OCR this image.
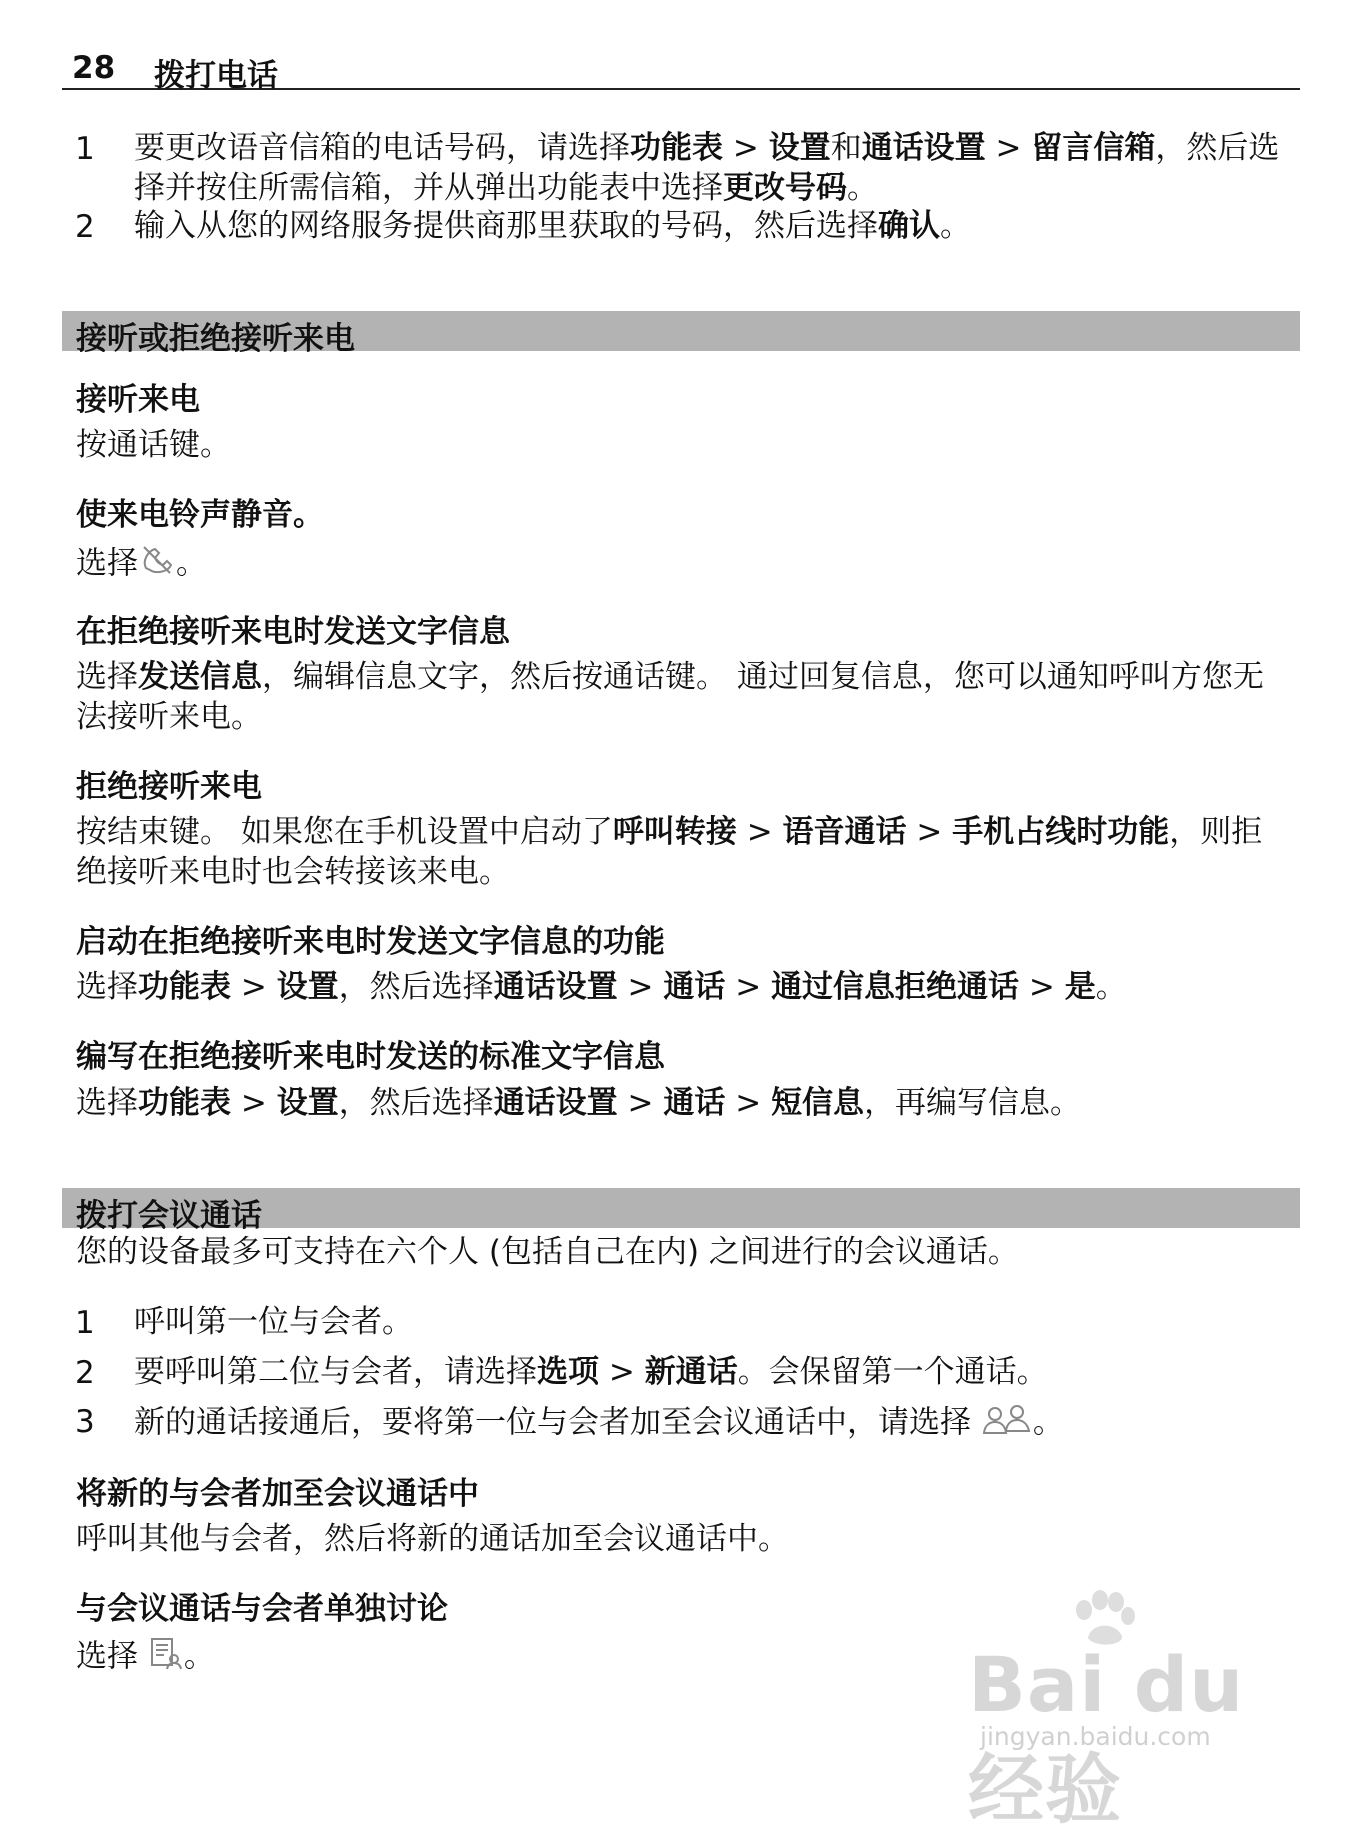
28 拨打电话
1 要更改语音信箱的电话号码，请选择功能表 > 设置和通话设置 > 留言信箱，然后选择并按住所需信箱，并从弹出功能表中选择更改号码。

2 输入从您的网络服务提供商那里获取的号码，然后选择确认。

接听或拒绝接听来电

接听来电

按通话键。

使来电铃声静音。

选择 。

在拒绝接听来电时发送文字信息

选择发送信息，编辑信息文字，然后按通话键。 通过回复信息，您可以通知呼叫方您无法接听来电。

拒绝接听来电

按结束键。 如果您在手机设置中启动了呼叫转接 > 语音通话 > 手机占线时功能，则拒绝接听来电时也会转接该来电。

启动在拒绝接听来电时发送文字信息的功能

选择功能表 > 设置，然后选择通话设置 > 通话 > 通过信息拒绝通话 > 是。

编写在拒绝接听来电时发送的标准文字信息

选择功能表 > 设置，然后选择通话设置 > 通话 > 短信息，再编写信息。

拨打会议通话

您的设备最多可支持在六个人 (包括自己在内) 之间进行的会议通话。

1 呼叫第一位与会者。

2 要呼叫第二位与会者，请选择选项 > 新通话。会保留第一个通话。

3 新的通话接通后，要将第一位与会者加至会议通话中，请选择 。

将新的与会者加至会议通话中

呼叫其他与会者，然后将新的通话加至会议通话中。

与会议通话与会者单独讨论

选择 。	Bai du 经验
jingyan.baidu.com
